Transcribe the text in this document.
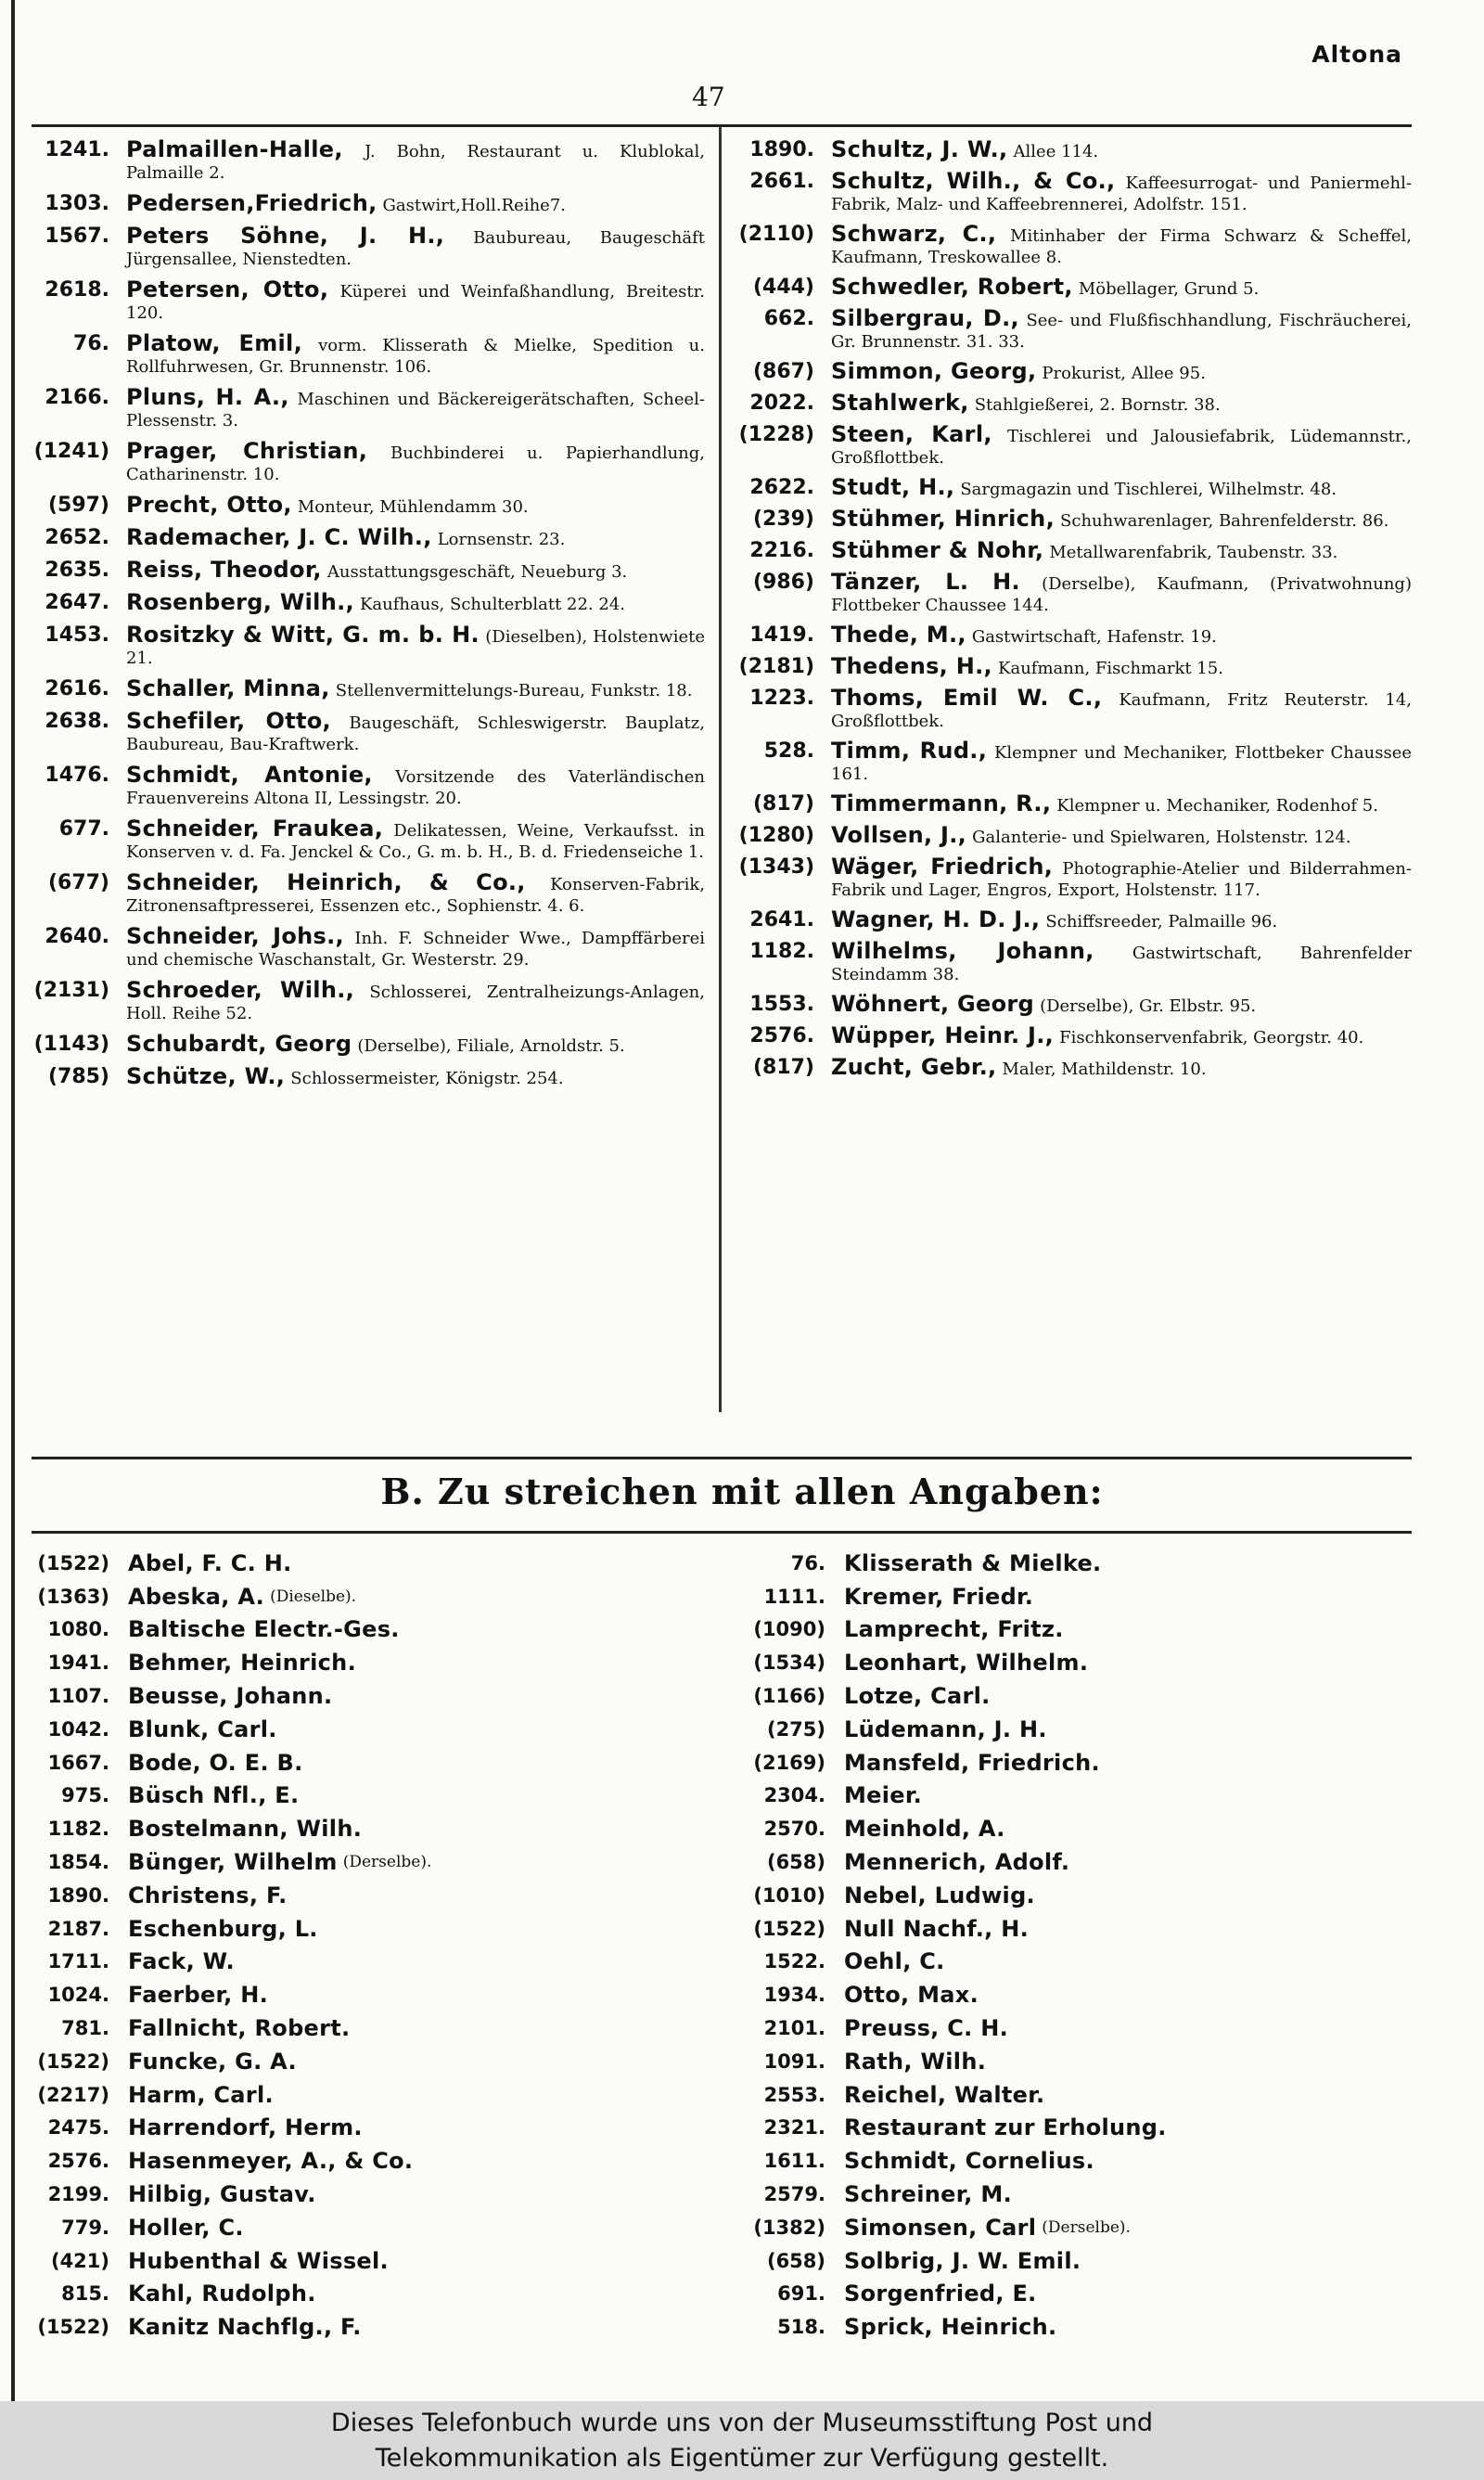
Altona
47
1241. Palmaillen-Halle, J. Bohn, Restaurant u. Klublokal, Palmaille 2.
1303. Pedersen,Friedrich, Gastwirt,Holl.Reihe7.
1567. Peters Söhne, J. H., Baubureau, Baugeschäft Jürgensallee, Nienstedten.
2618. Petersen, Otto, Küperei und Weinfaßhandlung, Breitestr. 120.
76. Platow, Emil, vorm. Klisserath & Mielke, Spedition u. Rollfuhrwesen, Gr. Brunnenstr. 106.
2166. Pluns, H. A., Maschinen und Bäckereigerätschaften, Scheel-Plessenstr. 3.
(1241) Prager, Christian, Buchbinderei u. Papierhandlung, Catharinenstr. 10.
(597) Precht, Otto, Monteur, Mühlendamm 30.
2652. Rademacher, J. C. Wilh., Lornsenstr. 23.
2635. Reiss, Theodor, Ausstattungsgeschäft, Neueburg 3.
2647. Rosenberg, Wilh., Kaufhaus, Schulterblatt 22. 24.
1453. Rositzky & Witt, G. m. b. H. (Dieselben), Holstenwiete 21.
2616. Schaller, Minna, Stellenvermittelungs-Bureau, Funkstr. 18.
2638. Schefiler, Otto, Baugeschäft, Schleswigerstr. Bauplatz, Baubureau, Bau-Kraftwerk.
1476. Schmidt, Antonie, Vorsitzende des Vaterländischen Frauenvereins Altona II, Lessingstr. 20.
677. Schneider, Fraukea, Delikatessen, Weine, Verkaufsst. in Konserven v. d. Fa. Jenckel & Co., G. m. b. H., B. d. Friedenseiche 1.
(677) Schneider, Heinrich, & Co., Konserven-Fabrik, Zitronensaftpresserei, Essenzen etc., Sophienstr. 4. 6.
2640. Schneider, Johs., Inh. F. Schneider Wwe., Dampffärberei und chemische Waschanstalt, Gr. Westerstr. 29.
(2131) Schroeder, Wilh., Schlosserei, Zentralheizungs-Anlagen, Holl. Reihe 52.
(1143) Schubardt, Georg (Derselbe), Filiale, Arnoldstr. 5.
(785) Schütze, W., Schlossermeister, Königstr. 254.
1890. Schultz, J. W., Allee 114.
2661. Schultz, Wilh., & Co., Kaffeesurrogat- und Paniermehl-Fabrik, Malz- und Kaffeebrennerei, Adolfstr. 151.
(2110) Schwarz, C., Mitinhaber der Firma Schwarz & Scheffel, Kaufmann, Treskowallee 8.
(444) Schwedler, Robert, Möbellager, Grund 5.
662. Silbergrau, D., See- und Flußfischhandlung, Fischräucherei, Gr. Brunnenstr. 31. 33.
(867) Simmon, Georg, Prokurist, Allee 95.
2022. Stahlwerk, Stahlgießerei, 2. Bornstr. 38.
(1228) Steen, Karl, Tischlerei und Jalousiefabrik, Lüdemannstr., Großflottbek.
2622. Studt, H., Sargmagazin und Tischlerei, Wilhelmstr. 48.
(239) Stühmer, Hinrich, Schuhwarenlager, Bahrenfelderstr. 86.
2216. Stühmer & Nohr, Metallwarenfabrik, Taubenstr. 33.
(986) Tänzer, L. H. (Derselbe), Kaufmann, (Privatwohnung) Flottbeker Chaussee 144.
1419. Thede, M., Gastwirtschaft, Hafenstr. 19.
(2181) Thedens, H., Kaufmann, Fischmarkt 15.
1223. Thoms, Emil W. C., Kaufmann, Fritz Reuterstr. 14, Großflottbek.
528. Timm, Rud., Klempner und Mechaniker, Flottbeker Chaussee 161.
(817) Timmermann, R., Klempner u. Mechaniker, Rodenhof 5.
(1280) Vollsen, J., Galanterie- und Spielwaren, Holstenstr. 124.
(1343) Wäger, Friedrich, Photographie-Atelier und Bilderrahmen-Fabrik und Lager, Engros, Export, Holstenstr. 117.
2641. Wagner, H. D. J., Schiffsreeder, Palmaille 96.
1182. Wilhelms, Johann, Gastwirtschaft, Bahrenfelder Steindamm 38.
1553. Wöhnert, Georg (Derselbe), Gr. Elbstr. 95.
2576. Wüpper, Heinr. J., Fischkonservenfabrik, Georgstr. 40.
(817) Zucht, Gebr., Maler, Mathildenstr. 10.
B. Zu streichen mit allen Angaben:
(1522) Abel, F. C. H.
(1363) Abeska, A. (Dieselbe).
1080. Baltische Electr.-Ges.
1941. Behmer, Heinrich.
1107. Beusse, Johann.
1042. Blunk, Carl.
1667. Bode, O. E. B.
975. Büsch Nfl., E.
1182. Bostelmann, Wilh.
1854. Bünger, Wilhelm (Derselbe).
1890. Christens, F.
2187. Eschenburg, L.
1711. Fack, W.
1024. Faerber, H.
781. Fallnicht, Robert.
(1522) Funcke, G. A.
(2217) Harm, Carl.
2475. Harrendorf, Herm.
2576. Hasenmeyer, A., & Co.
2199. Hilbig, Gustav.
779. Holler, C.
(421) Hubenthal & Wissel.
815. Kahl, Rudolph.
(1522) Kanitz Nachflg., F.
76. Klisserath & Mielke.
1111. Kremer, Friedr.
(1090) Lamprecht, Fritz.
(1534) Leonhart, Wilhelm.
(1166) Lotze, Carl.
(275) Lüdemann, J. H.
(2169) Mansfeld, Friedrich.
2304. Meier.
2570. Meinhold, A.
(658) Mennerich, Adolf.
(1010) Nebel, Ludwig.
(1522) Null Nachf., H.
1522. Oehl, C.
1934. Otto, Max.
2101. Preuss, C. H.
1091. Rath, Wilh.
2553. Reichel, Walter.
2321. Restaurant zur Erholung.
1611. Schmidt, Cornelius.
2579. Schreiner, M.
(1382) Simonsen, Carl (Derselbe).
(658) Solbrig, J. W. Emil.
691. Sorgenfried, E.
518. Sprick, Heinrich.
Dieses Telefonbuch wurde uns von der Museumsstiftung Post und
Telekommunikation als Eigentümer zur Verfügung gestellt.
